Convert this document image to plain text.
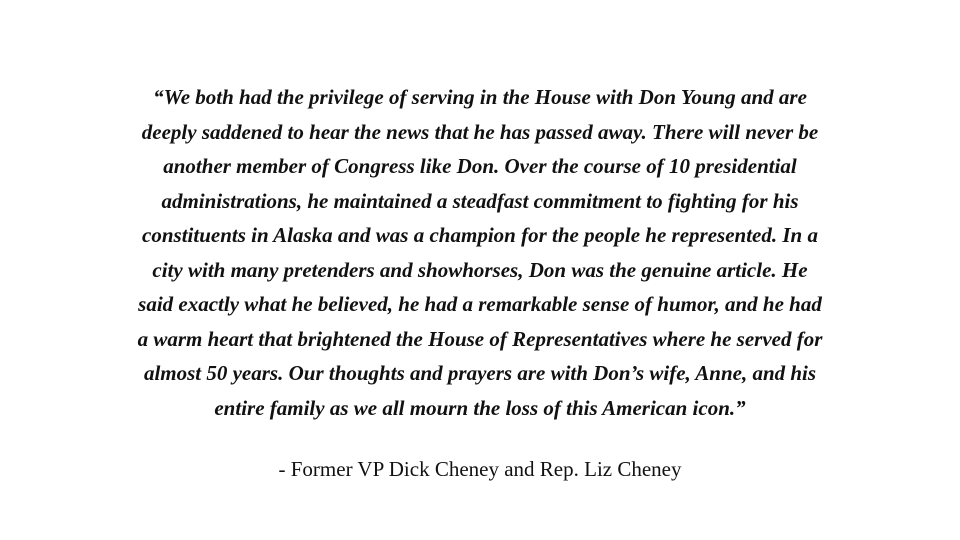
“We both had the privilege of serving in the House with Don Young and are
deeply saddened to hear the news that he has passed away. There will never be
another member of Congress like Don. Over the course of 10 presidential
administrations, he maintained a steadfast commitment to fighting for his
constituents in Alaska and was a champion for the people he represented. In a
city with many pretenders and showhorses, Don was the genuine article. He
said exactly what he believed, he had a remarkable sense of humor, and he had
a warm heart that brightened the House of Representatives where he served for
almost 50 years. Our thoughts and prayers are with Don’s wife, Anne, and his
entire family as we all mourn the loss of this American icon.”

- Former VP Dick Cheney and Rep. Liz Cheney
